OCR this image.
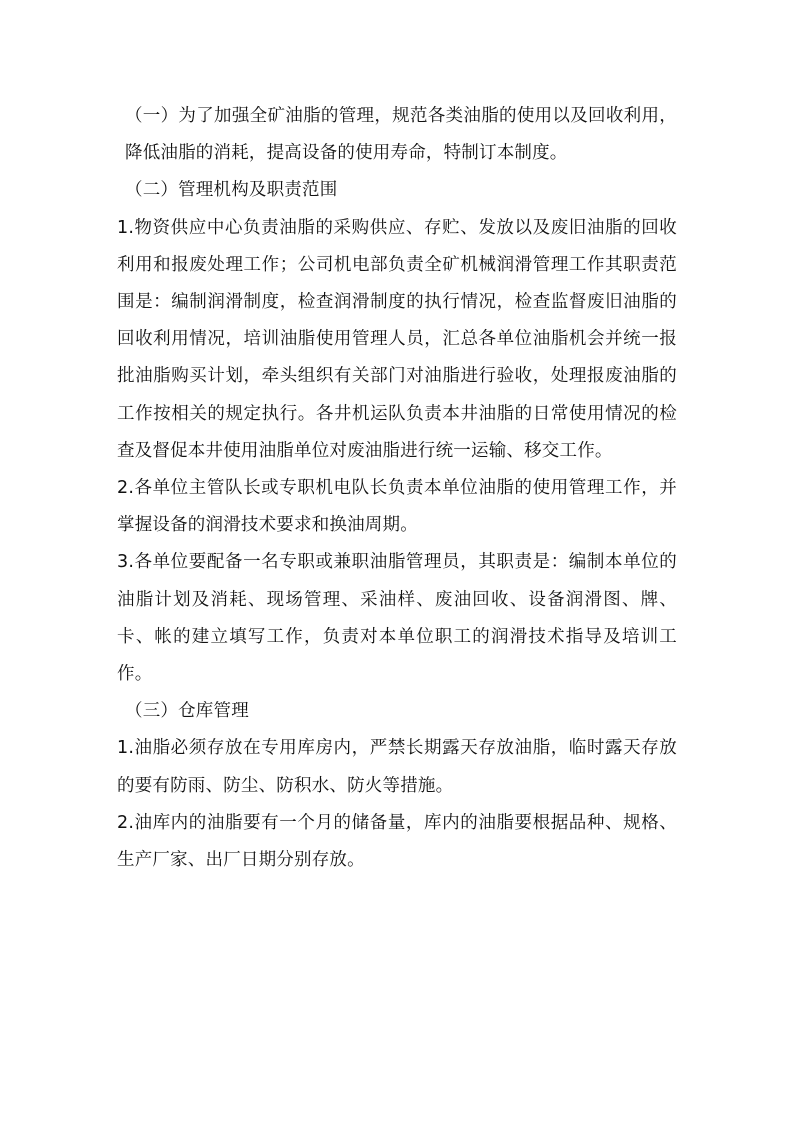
（一）为了加强全矿油脂的管理，规范各类油脂的使用以及回收利用，降低油脂的消耗，提高设备的使用寿命，特制订本制度。

（二）管理机构及职责范围

1.物资供应中心负责油脂的采购供应、存贮、发放以及废旧油脂的回收利用和报废处理工作；公司机电部负责全矿机械润滑管理工作其职责范围是：编制润滑制度，检查润滑制度的执行情况，检查监督废旧油脂的回收利用情况，培训油脂使用管理人员，汇总各单位油脂机会并统一报批油脂购买计划，牵头组织有关部门对油脂进行验收，处理报废油脂的工作按相关的规定执行。各井机运队负责本井油脂的日常使用情况的检查及督促本井使用油脂单位对废油脂进行统一运输、移交工作。

2.各单位主管队长或专职机电队长负责本单位油脂的使用管理工作，并掌握设备的润滑技术要求和换油周期。

3.各单位要配备一名专职或兼职油脂管理员，其职责是：编制本单位的油脂计划及消耗、现场管理、采油样、废油回收、设备润滑图、牌、卡、帐的建立填写工作，负责对本单位职工的润滑技术指导及培训工作。

（三）仓库管理

1.油脂必须存放在专用库房内，严禁长期露天存放油脂，临时露天存放的要有防雨、防尘、防积水、防火等措施。

2.油库内的油脂要有一个月的储备量，库内的油脂要根据品种、规格、生产厂家、出厂日期分别存放。
